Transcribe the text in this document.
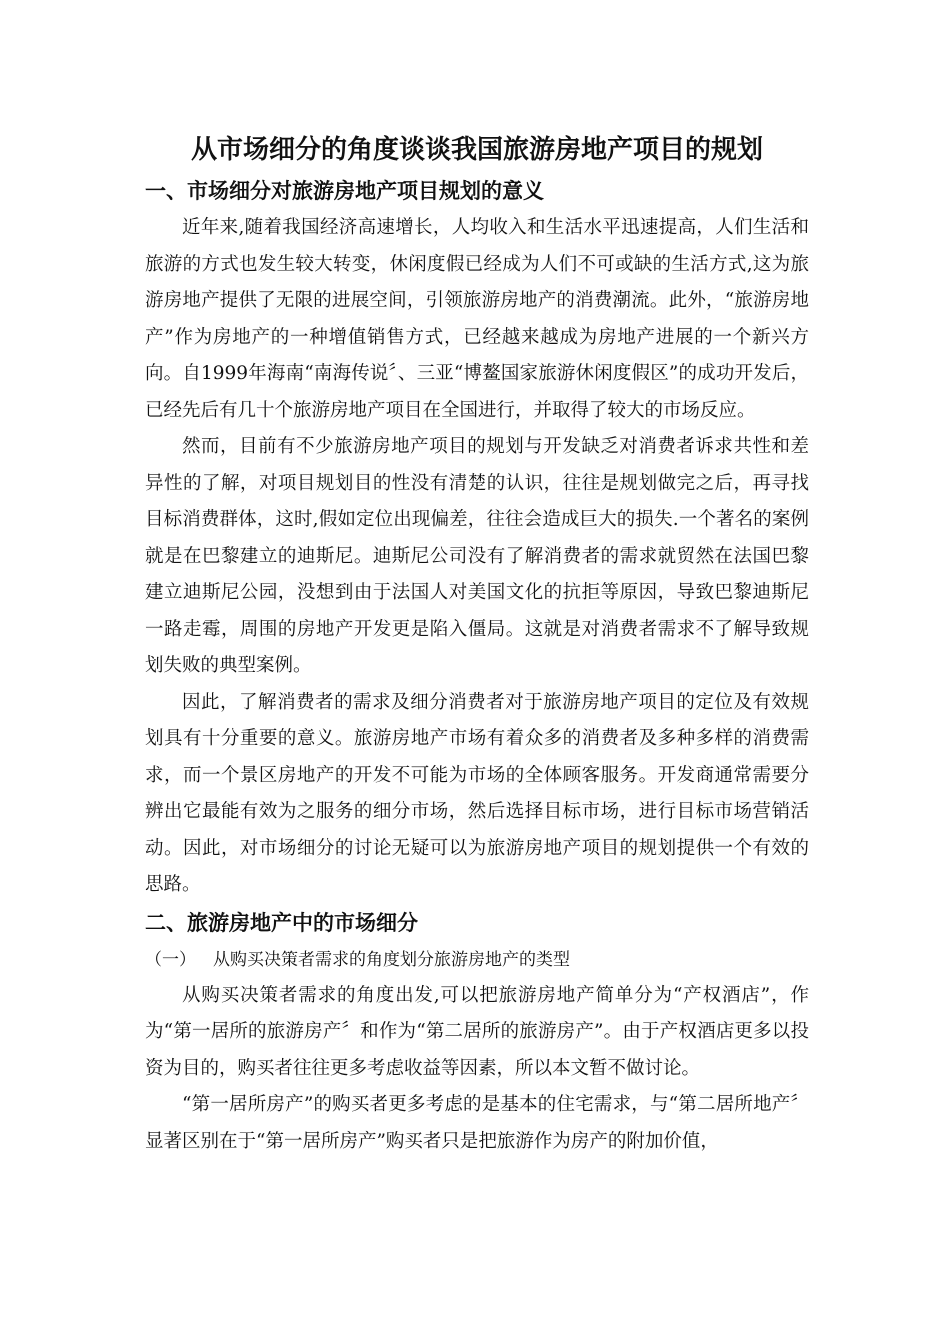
从市场细分的角度谈谈我国旅游房地产项目的规划
一、市场细分对旅游房地产项目规划的意义

近年来,随着我国经济高速增长，人均收入和生活水平迅速提高，人们生活和旅游的方式也发生较大转变，休闲度假已经成为人们不可或缺的生活方式,这为旅游房地产提供了无限的进展空间，引领旅游房地产的消费潮流。此外，“旅游房地产”作为房地产的一种增值销售方式，已经越来越成为房地产进展的一个新兴方向。自1999年海南“南海传说〞、三亚“博鳌国家旅游休闲度假区”的成功开发后，已经先后有几十个旅游房地产项目在全国进行，并取得了较大的市场反应。

然而，目前有不少旅游房地产项目的规划与开发缺乏对消费者诉求共性和差异性的了解，对项目规划目的性没有清楚的认识，往往是规划做完之后，再寻找目标消费群体，这时,假如定位出现偏差，往往会造成巨大的损失.一个著名的案例就是在巴黎建立的迪斯尼。迪斯尼公司没有了解消费者的需求就贸然在法国巴黎建立迪斯尼公园，没想到由于法国人对美国文化的抗拒等原因，导致巴黎迪斯尼一路走霉，周围的房地产开发更是陷入僵局。这就是对消费者需求不了解导致规划失败的典型案例。

因此，了解消费者的需求及细分消费者对于旅游房地产项目的定位及有效规划具有十分重要的意义。旅游房地产市场有着众多的消费者及多种多样的消费需求，而一个景区房地产的开发不可能为市场的全体顾客服务。开发商通常需要分辨出它最能有效为之服务的细分市场，然后选择目标市场，进行目标市场营销活动。因此，对市场细分的讨论无疑可以为旅游房地产项目的规划提供一个有效的思路。

二、旅游房地产中的市场细分
（一） 从购买决策者需求的角度划分旅游房地产的类型

从购买决策者需求的角度出发,可以把旅游房地产简单分为“产权酒店”，作为“第一居所的旅游房产〞和作为“第二居所的旅游房产”。由于产权酒店更多以投资为目的，购买者往往更多考虑收益等因素，所以本文暂不做讨论。

“第一居所房产”的购买者更多考虑的是基本的住宅需求，与“第二居所地产〞显著区别在于“第一居所房产”购买者只是把旅游作为房产的附加价值，
